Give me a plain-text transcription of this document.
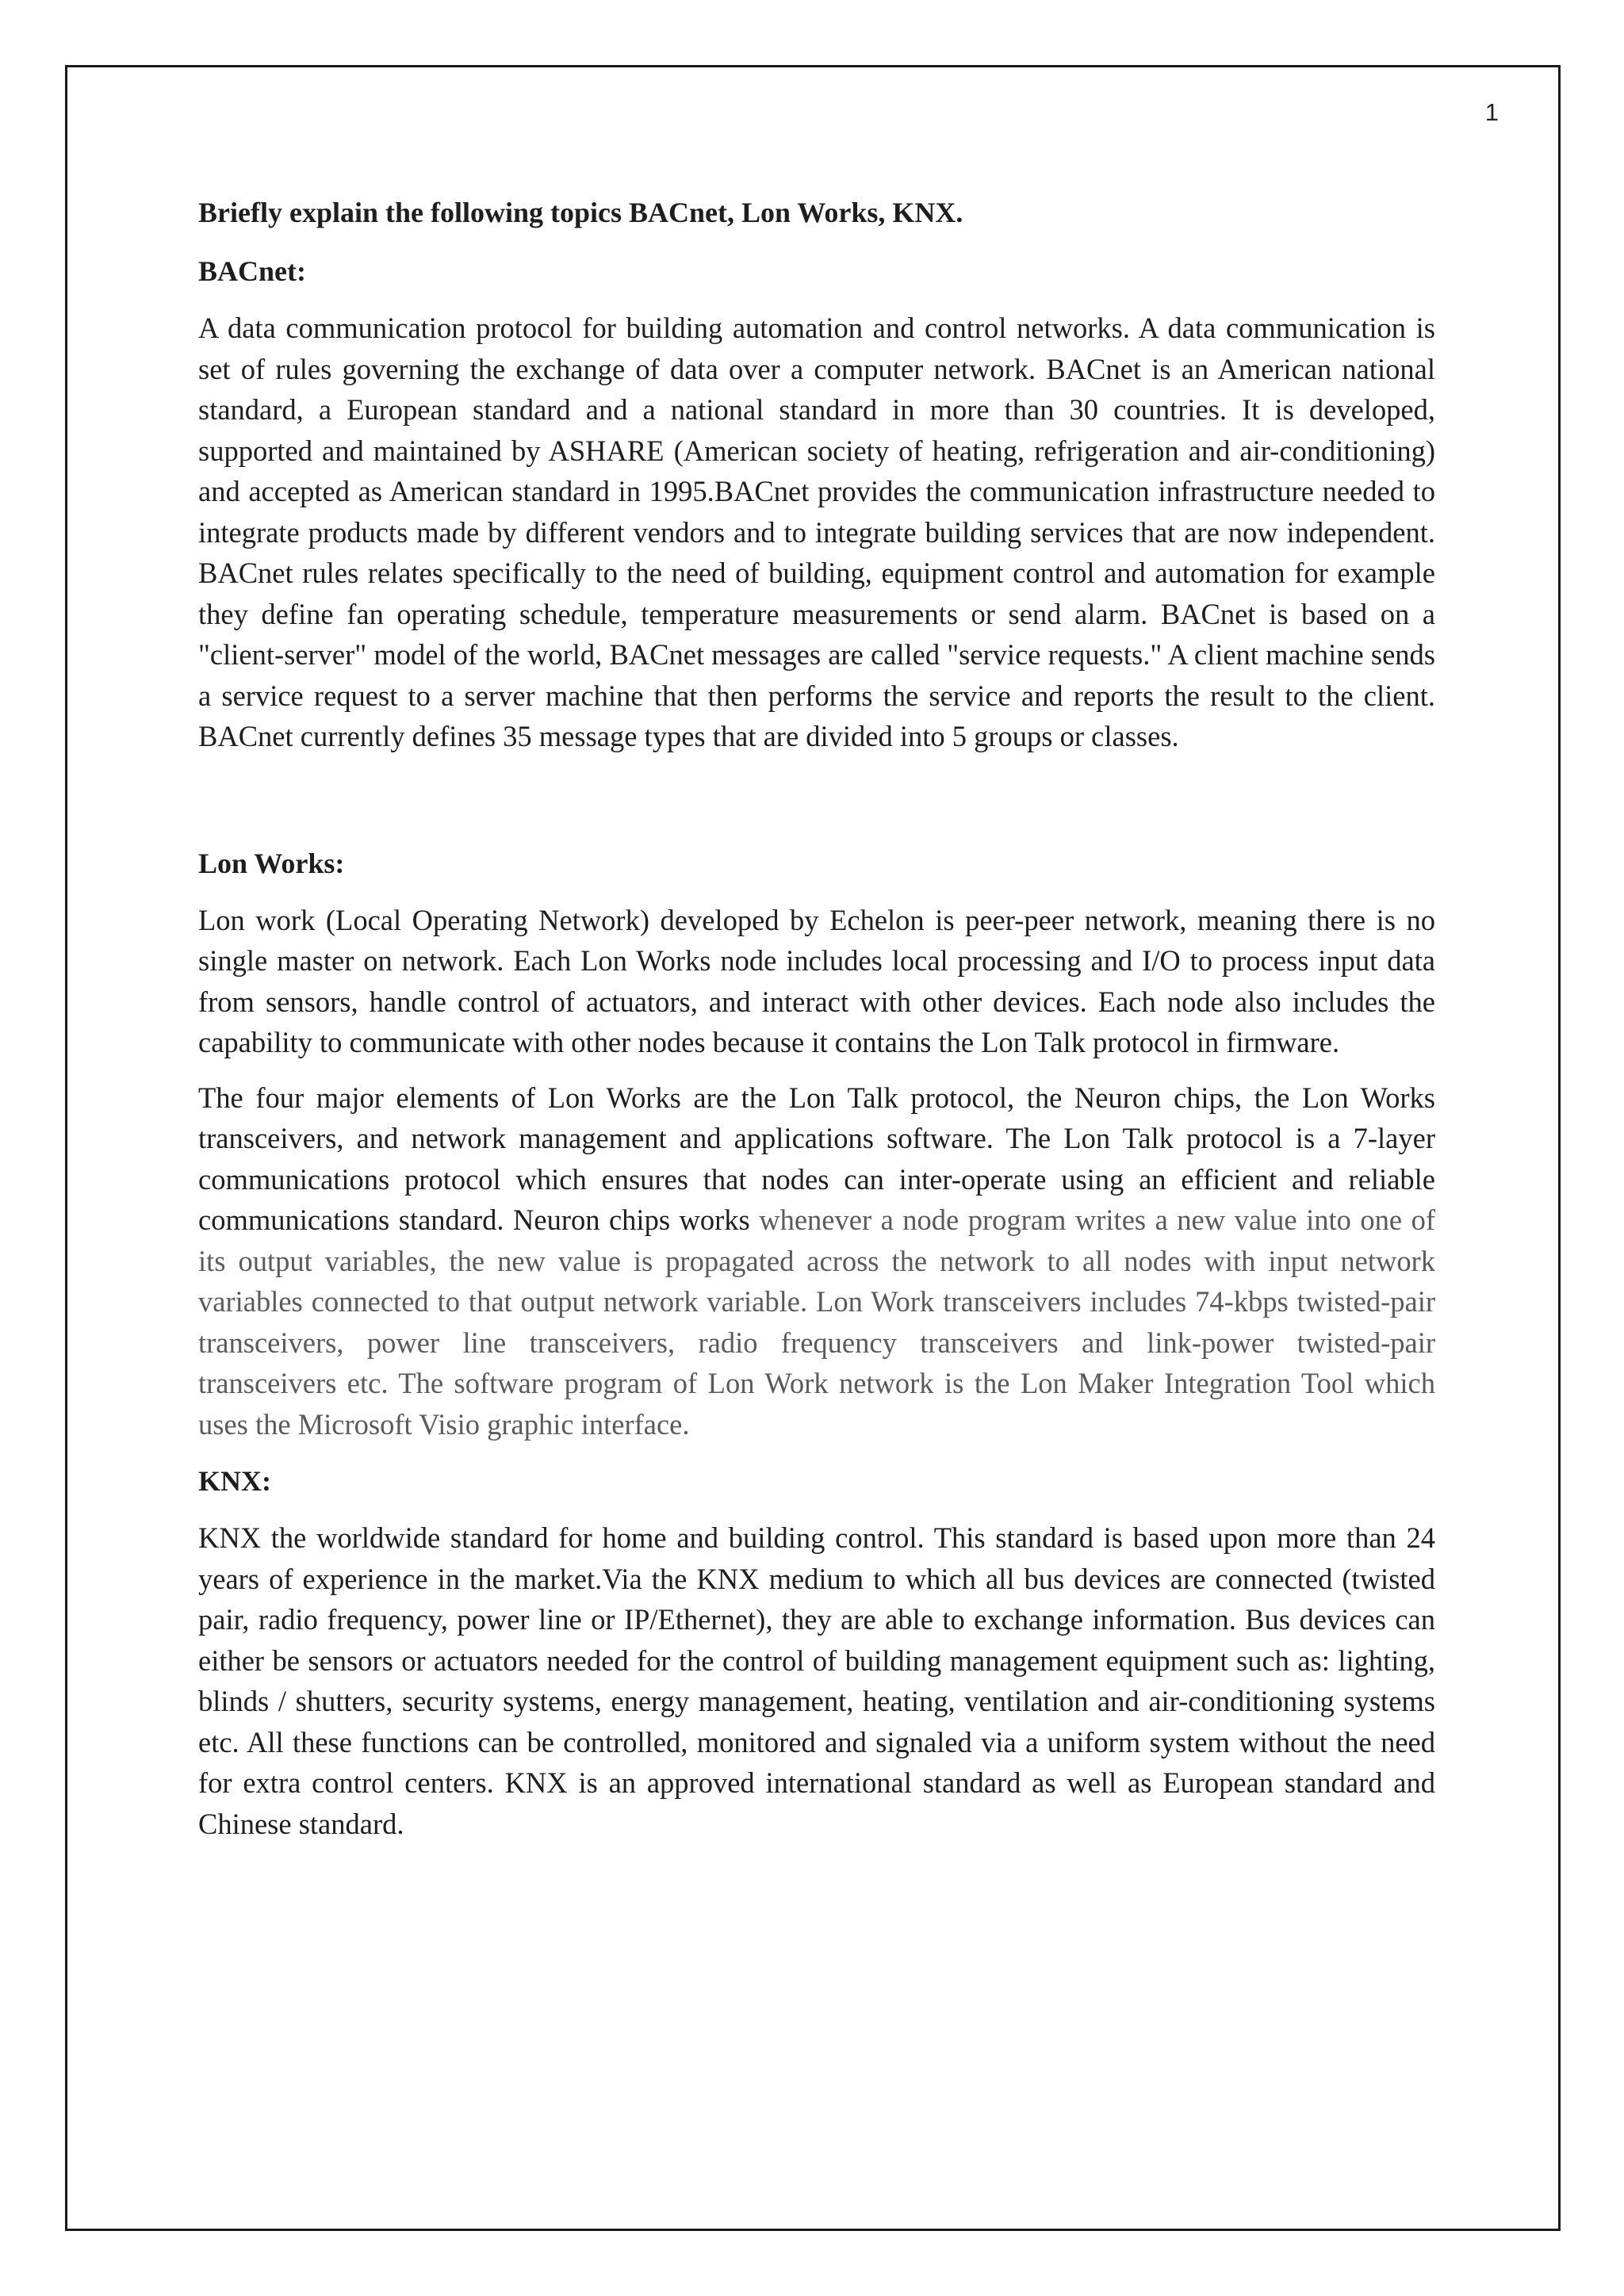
1
Briefly explain the following topics BACnet, Lon Works, KNX.
BACnet:
A data communication protocol for building automation and control networks. A data communication is set of rules governing the exchange of data over a computer network. BACnet is an American national standard, a European standard and a national standard in more than 30 countries. It is developed, supported and maintained by ASHARE (American society of heating, refrigeration and air-conditioning) and accepted as American standard in 1995.BACnet provides the communication infrastructure needed to integrate products made by different vendors and to integrate building services that are now independent. BACnet rules relates specifically to the need of building, equipment control and automation for example they define fan operating schedule, temperature measurements or send alarm. BACnet is based on a "client-server" model of the world, BACnet messages are called "service requests." A client machine sends a service request to a server machine that then performs the service and reports the result to the client. BACnet currently defines 35 message types that are divided into 5 groups or classes.
Lon Works:
Lon work (Local Operating Network) developed by Echelon is peer-peer network, meaning there is no single master on network. Each Lon Works node includes local processing and I/O to process input data from sensors, handle control of actuators, and interact with other devices. Each node also includes the capability to communicate with other nodes because it contains the Lon Talk protocol in firmware.
The four major elements of Lon Works are the Lon Talk protocol, the Neuron chips, the Lon Works transceivers, and network management and applications software. The Lon Talk protocol is a 7-layer communications protocol which ensures that nodes can inter-operate using an efficient and reliable communications standard. Neuron chips works whenever a node program writes a new value into one of its output variables, the new value is propagated across the network to all nodes with input network variables connected to that output network variable. Lon Work transceivers includes 74-kbps twisted-pair transceivers, power line transceivers, radio frequency transceivers and link-power twisted-pair transceivers etc. The software program of Lon Work network is the Lon Maker Integration Tool which uses the Microsoft Visio graphic interface.
KNX:
KNX the worldwide standard for home and building control. This standard is based upon more than 24 years of experience in the market.Via the KNX medium to which all bus devices are connected (twisted pair, radio frequency, power line or IP/Ethernet), they are able to exchange information. Bus devices can either be sensors or actuators needed for the control of building management equipment such as: lighting, blinds / shutters, security systems, energy management, heating, ventilation and air-conditioning systems etc. All these functions can be controlled, monitored and signaled via a uniform system without the need for extra control centers. KNX is an approved international standard as well as European standard and Chinese standard.
